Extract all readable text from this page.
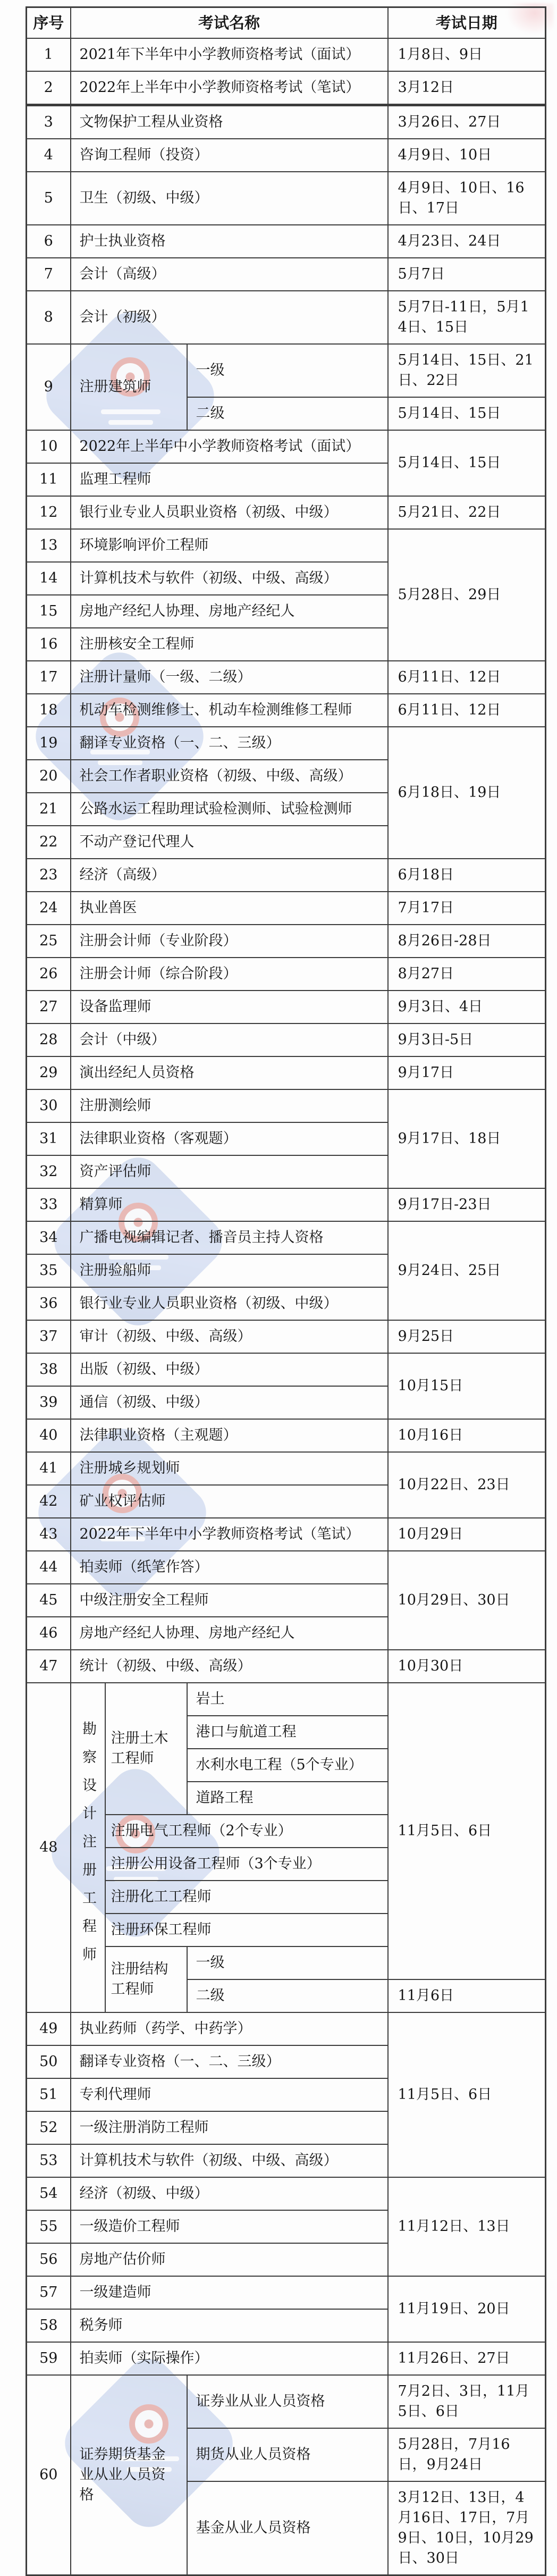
序号	考试名称			考试日期
1	2021年下半年中小学教师资格考试（面试）			1月8日、9日
2	2022年上半年中小学教师资格考试（笔试）			3月12日
3	文物保护工程从业资格			3月26日、27日
4	咨询工程师（投资）			4月9日、10日
5	卫生（初级、中级）			4月9日、10日、16日、17日
6	护士执业资格			4月23日、24日
7	会计（高级）			5月7日
8	会计（初级）			5月7日-11日，5月14日、15日
9	注册建筑师		一级	5月14日、15日、21日、22日
			二级	5月14日、15日
10	2022年上半年中小学教师资格考试（面试）			5月14日、15日
11	监理工程师			
12	银行业专业人员职业资格（初级、中级）			5月21日、22日
13	环境影响评价工程师			5月28日、29日
14	计算机技术与软件（初级、中级、高级）			
15	房地产经纪人协理、房地产经纪人			
16	注册核安全工程师			
17	注册计量师（一级、二级）			6月11日、12日
18	机动车检测维修士、机动车检测维修工程师			6月11日、12日
19	翻译专业资格（一、二、三级）			6月18日、19日
20	社会工作者职业资格（初级、中级、高级）			
21	公路水运工程助理试验检测师、试验检测师			
22	不动产登记代理人			
23	经济（高级）			6月18日
24	执业兽医			7月17日
25	注册会计师（专业阶段）			8月26日-28日
26	注册会计师（综合阶段）			8月27日
27	设备监理师			9月3日、4日
28	会计（中级）			9月3日-5日
29	演出经纪人员资格			9月17日
30	注册测绘师			9月17日、18日
31	法律职业资格（客观题）			
32	资产评估师			
33	精算师			9月17日-23日
34	广播电视编辑记者、播音员主持人资格			9月24日、25日
35	注册验船师			
36	银行业专业人员职业资格（初级、中级）			
37	审计（初级、中级、高级）			9月25日
38	出版（初级、中级）			10月15日
39	通信（初级、中级）			
40	法律职业资格（主观题）			10月16日
41	注册城乡规划师			10月22日、23日
42	矿业权评估师			
43	2022年下半年中小学教师资格考试（笔试）			10月29日
44	拍卖师（纸笔作答）			10月29日、30日
45	中级注册安全工程师			
46	房地产经纪人协理、房地产经纪人			
47	统计（初级、中级、高级）			10月30日
48	勘察设计注册工程师	注册土木工程师	岩土	11月5日、6日
			港口与航道工程	
			水利水电工程（5个专业）	
			道路工程	
		注册电气工程师（2个专业）		
		注册公用设备工程师（3个专业）		
		注册化工工程师		
		注册环保工程师		
		注册结构工程师	一级	
			二级	11月6日
49	执业药师（药学、中药学）			11月5日、6日
50	翻译专业资格（一、二、三级）			
51	专利代理师			
52	一级注册消防工程师			
53	计算机技术与软件（初级、中级、高级）			
54	经济（初级、中级）			11月12日、13日
55	一级造价工程师			
56	房地产估价师			
57	一级建造师			11月19日、20日
58	税务师			
59	拍卖师（实际操作）			11月26日、27日
60	证券期货基金业从业人员资格		证券业从业人员资格	7月2日、3日，11月5日、6日
			期货从业人员资格	5月28日，7月16日，9月24日
			基金从业人员资格	3月12日、13日，4月16日、17日，7月9日、10日，10月29日、30日
